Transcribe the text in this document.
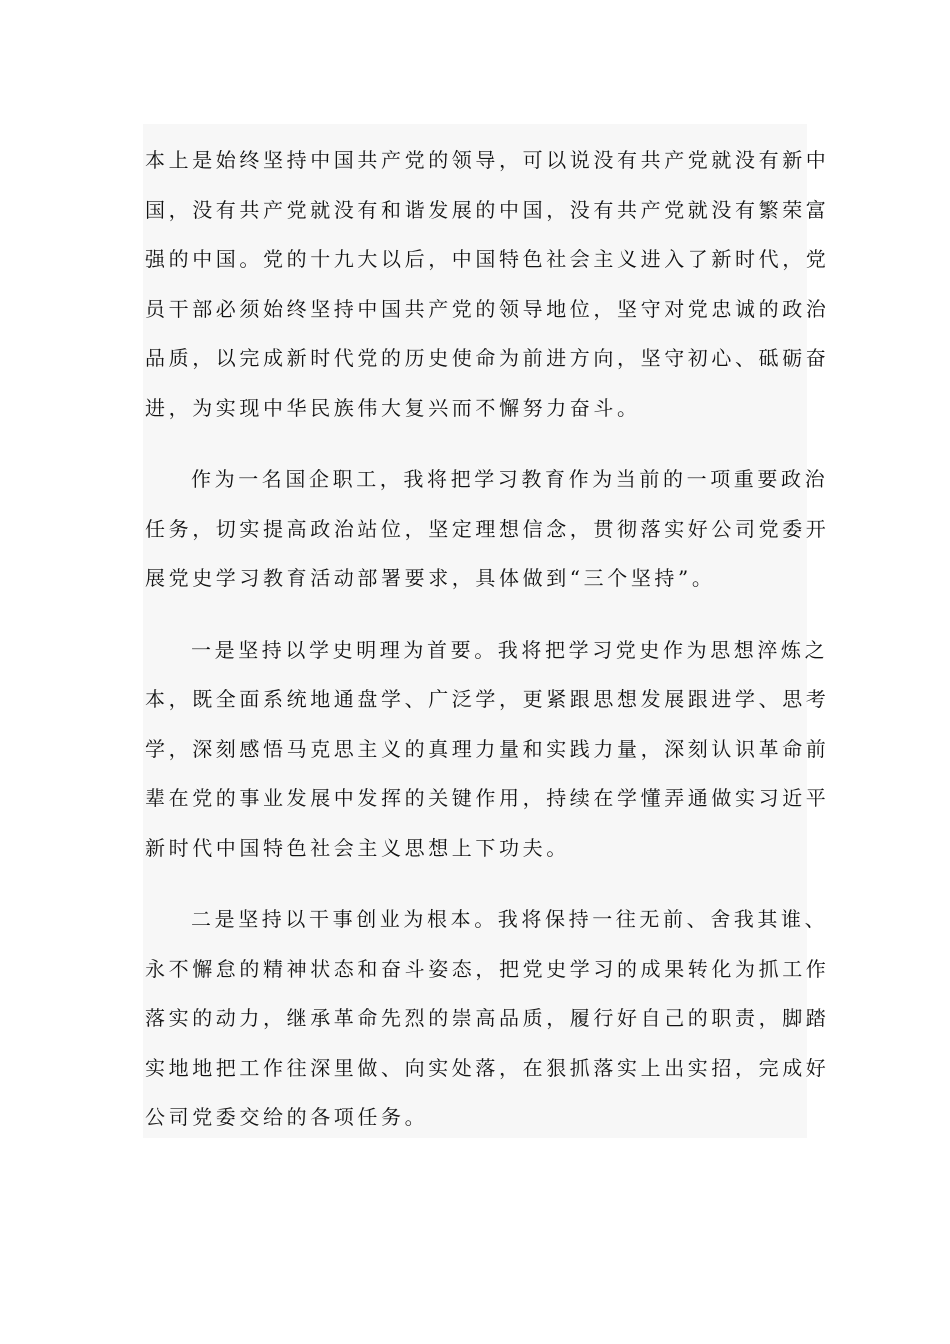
本上是始终坚持中国共产党的领导，可以说没有共产党就没有新中
国，没有共产党就没有和谐发展的中国，没有共产党就没有繁荣富
强的中国。党的十九大以后，中国特色社会主义进入了新时代，党
员干部必须始终坚持中国共产党的领导地位，坚守对党忠诚的政治
品质，以完成新时代党的历史使命为前进方向，坚守初心、砥砺奋
进，为实现中华民族伟大复兴而不懈努力奋斗。

作为一名国企职工，我将把学习教育作为当前的一项重要政治
任务，切实提高政治站位，坚定理想信念，贯彻落实好公司党委开
展党史学习教育活动部署要求，具体做到“三个坚持”。

一是坚持以学史明理为首要。我将把学习党史作为思想淬炼之
本，既全面系统地通盘学、广泛学，更紧跟思想发展跟进学、思考
学，深刻感悟马克思主义的真理力量和实践力量，深刻认识革命前
辈在党的事业发展中发挥的关键作用，持续在学懂弄通做实习近平
新时代中国特色社会主义思想上下功夫。

二是坚持以干事创业为根本。我将保持一往无前、舍我其谁、
永不懈怠的精神状态和奋斗姿态，把党史学习的成果转化为抓工作
落实的动力，继承革命先烈的崇高品质，履行好自己的职责，脚踏
实地地把工作往深里做、向实处落，在狠抓落实上出实招，完成好
公司党委交给的各项任务。
